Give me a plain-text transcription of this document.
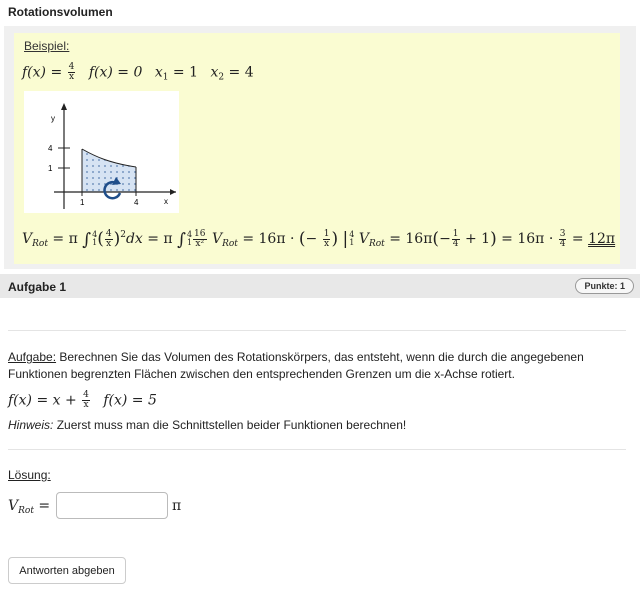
Rotationsvolumen
Beispiel:
$f(x) = \frac{4}{x} f(x) = 0$ $x_1 = 1$ $x_2 = 4$
y
x
4
1
1	4
$V_{Rot} = \pi$ ∫ 4
1 ( $\frac{4}{x} )^2dx = \pi$ ∫ 4
$1 \frac{16}{\text{x²}} V_{Rot} = 16\pi$ · (− $\frac{1}{x}$ ) | 4
1 $V_{Rot} = 16\pi(- \frac{1}{4} + 1) = 16\pi \cdot \frac{3}{4} = 12\pi$
Aufgabe 1	Punkte: 1
Aufgabe: Berechnen Sie das Volumen des Rotationskörpers, das entsteht, wenn die durch die angegebenen Funktionen begrenzten Flächen zwischen den entsprechenden Grenzen um die x-Achse rotiert.
$f(x) = x + \frac{4}{x} f(x) = 5$
Hinweis: Zuerst muss man die Schnittstellen beider Funktionen berechnen!
Lösung:
$V_{Rot}$ =	π
Antworten abgeben
